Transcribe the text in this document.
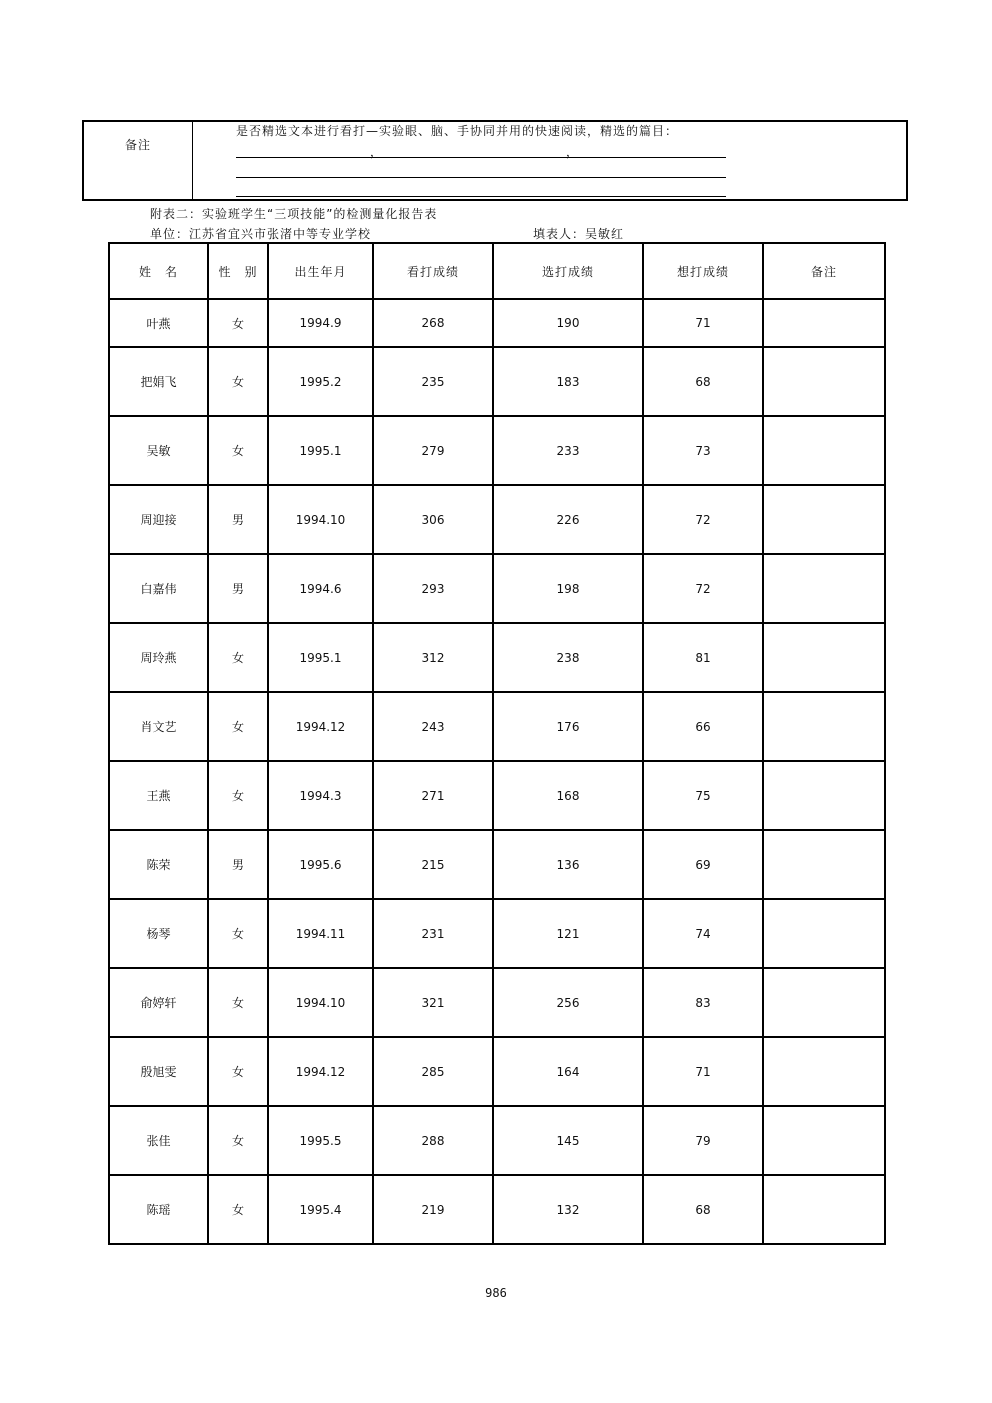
备注
是否精选文本进行看打—实验眼、脑、手协同并用的快速阅读，精选的篇目：
，	，
附表二：实验班学生“三项技能”的检测量化报告表
单位：江苏省宜兴市张渚中等专业学校	填表人：吴敏红
姓　名	性　别	出生年月	看打成绩	选打成绩	想打成绩	备注
叶燕	女	1994.9	268	190	71	
把娟飞	女	1995.2	235	183	68	
吴敏	女	1995.1	279	233	73	
周迎接	男	1994.10	306	226	72	
白嘉伟	男	1994.6	293	198	72	
周玲燕	女	1995.1	312	238	81	
肖文艺	女	1994.12	243	176	66	
王燕	女	1994.3	271	168	75	
陈荣	男	1995.6	215	136	69	
杨琴	女	1994.11	231	121	74	
俞婷轩	女	1994.10	321	256	83	
殷旭雯	女	1994.12	285	164	71	
张佳	女	1995.5	288	145	79	
陈瑶	女	1995.4	219	132	68	
986
